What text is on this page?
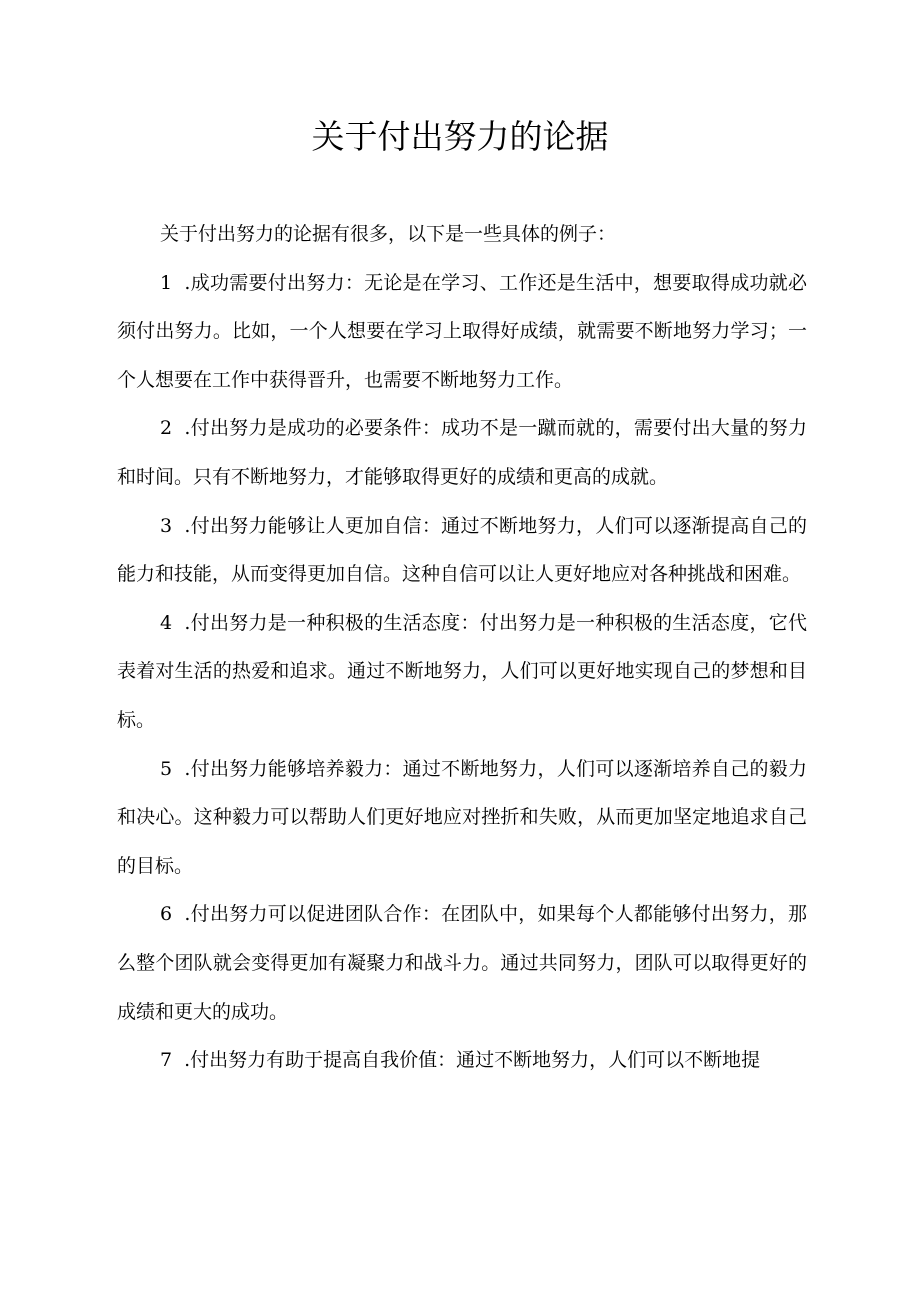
关于付出努力的论据

关于付出努力的论据有很多，以下是一些具体的例子：

1 .成功需要付出努力：无论是在学习、工作还是生活中，想要取得成功就必须付出努力。比如，一个人想要在学习上取得好成绩，就需要不断地努力学习；一个人想要在工作中获得晋升，也需要不断地努力工作。

2 .付出努力是成功的必要条件：成功不是一蹴而就的，需要付出大量的努力和时间。只有不断地努力，才能够取得更好的成绩和更高的成就。

3 .付出努力能够让人更加自信：通过不断地努力，人们可以逐渐提高自己的能力和技能，从而变得更加自信。这种自信可以让人更好地应对各种挑战和困难。

4 .付出努力是一种积极的生活态度：付出努力是一种积极的生活态度，它代表着对生活的热爱和追求。通过不断地努力，人们可以更好地实现自己的梦想和目标。

5 .付出努力能够培养毅力：通过不断地努力，人们可以逐渐培养自己的毅力和决心。这种毅力可以帮助人们更好地应对挫折和失败，从而更加坚定地追求自己的目标。

6 .付出努力可以促进团队合作：在团队中，如果每个人都能够付出努力，那么整个团队就会变得更加有凝聚力和战斗力。通过共同努力，团队可以取得更好的成绩和更大的成功。

7 .付出努力有助于提高自我价值：通过不断地努力，人们可以不断地提
